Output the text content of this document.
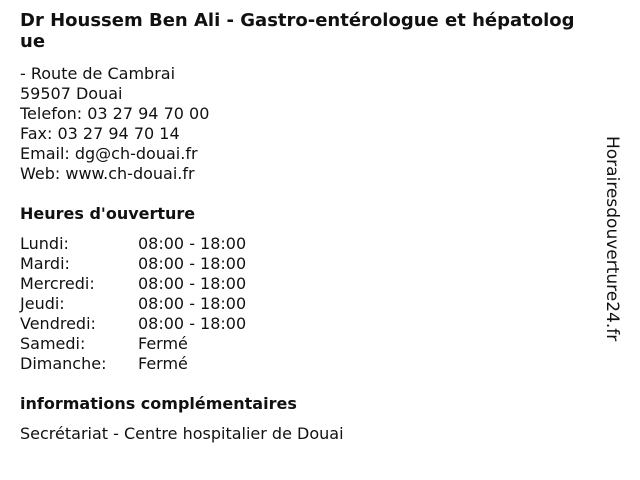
Dr Houssem Ben Ali - Gastro-entérologue et hépatologue
- Route de Cambrai
59507 Douai
Telefon: 03 27 94 70 00
Fax: 03 27 94 70 14
Email: dg@ch-douai.fr
Web: www.ch-douai.fr
Heures d'ouverture
Lundi:	08:00 - 18:00
Mardi:	08:00 - 18:00
Mercredi:	08:00 - 18:00
Jeudi:	08:00 - 18:00
Vendredi:	08:00 - 18:00
Samedi:	Fermé
Dimanche:	Fermé
informations complémentaires
Secrétariat - Centre hospitalier de Douai
Horairesdouverture24.fr
